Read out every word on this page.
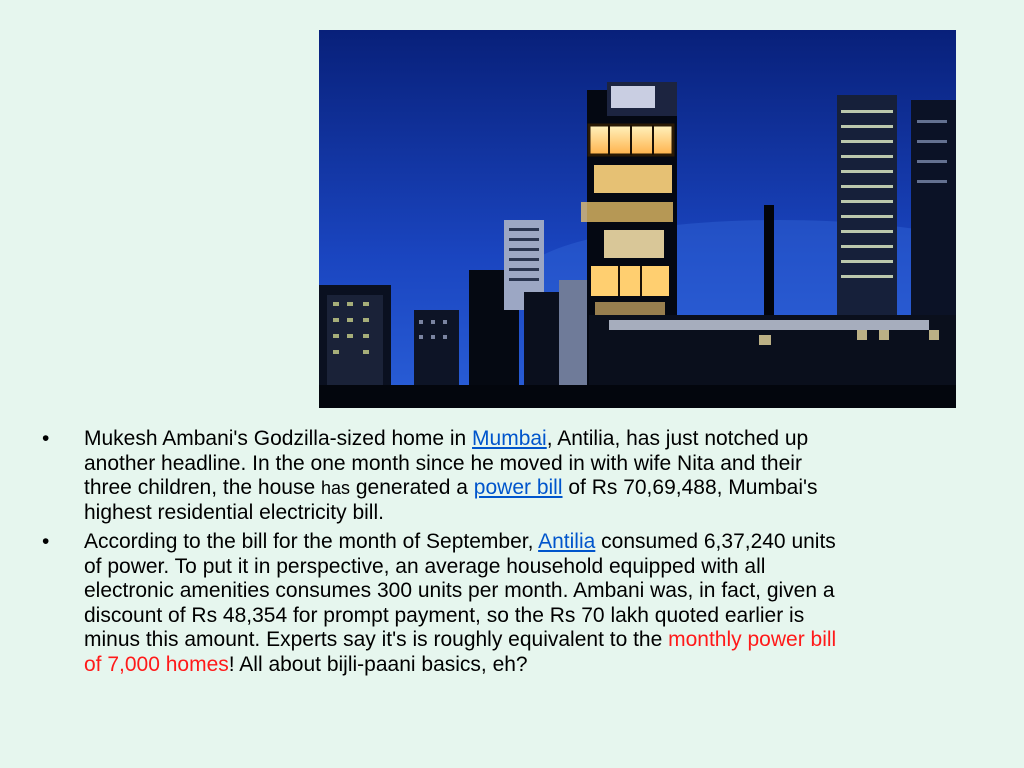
• Mukesh Ambani's Godzilla-sized home in Mumbai, Antilia, has just notched up another headline. In the one month since he moved in with wife Nita and their three children, the house has generated a power bill of Rs 70,69,488, Mumbai's highest residential electricity bill.
• According to the bill for the month of September, Antilia consumed 6,37,240 units of power. To put it in perspective, an average household equipped with all electronic amenities consumes 300 units per month. Ambani was, in fact, given a discount of Rs 48,354 for prompt payment, so the Rs 70 lakh quoted earlier is minus this amount. Experts say it's is roughly equivalent to the monthly power bill of 7,000 homes! All about bijli-paani basics, eh?
